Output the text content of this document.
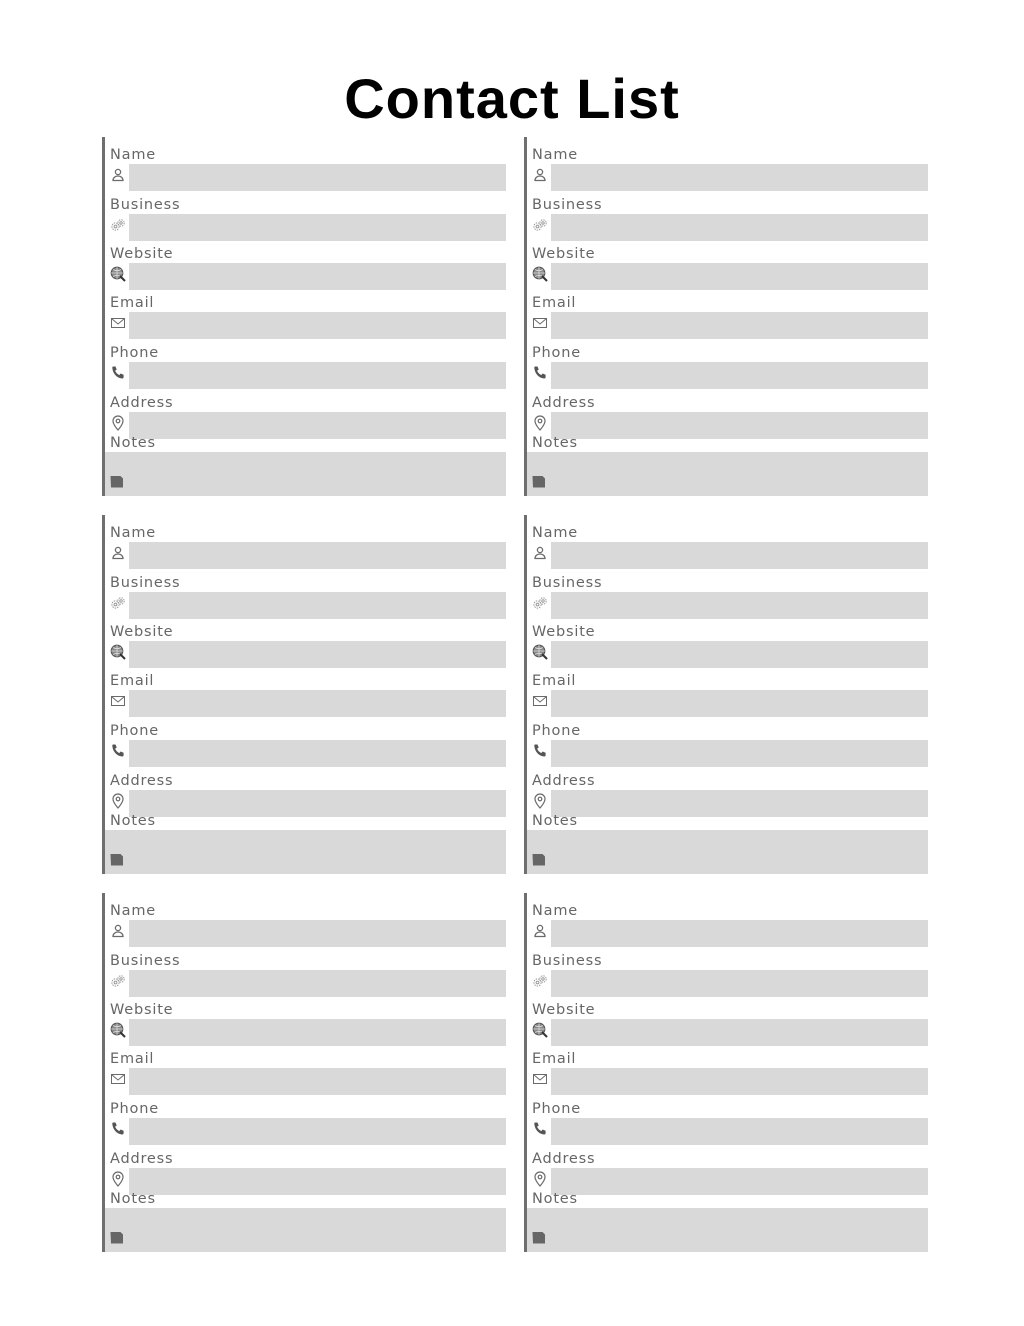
Contact List
Name
Business
Website
Email
Phone
Address
Notes
Name
Business
Website
Email
Phone
Address
Notes
Name
Business
Website
Email
Phone
Address
Notes
Name
Business
Website
Email
Phone
Address
Notes
Name
Business
Website
Email
Phone
Address
Notes
Name
Business
Website
Email
Phone
Address
Notes
